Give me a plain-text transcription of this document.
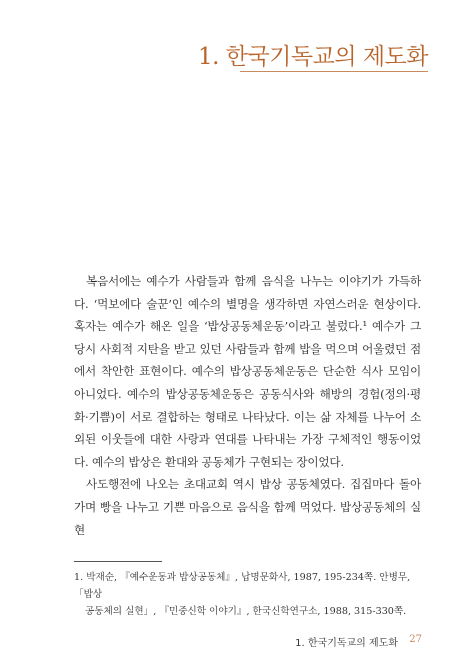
1. 한국기독교의 제도화

복음서에는 예수가 사람들과 함께 음식을 나누는 이야기가 가득하다. ‘먹보에다 술꾼’인 예수의 별명을 생각하면 자연스러운 현상이다. 혹자는 예수가 해온 일을 ‘밥상공동체운동’이라고 불렀다.¹ 예수가 그 당시 사회적 지탄을 받고 있던 사람들과 함께 밥을 먹으며 어울렸던 점에서 착안한 표현이다. 예수의 밥상공동체운동은 단순한 식사 모임이 아니었다. 예수의 밥상공동체운동은 공동식사와 해방의 경험(정의·평화·기쁨)이 서로 결합하는 형태로 나타났다. 이는 삶 자체를 나누어 소외된 이웃들에 대한 사랑과 연대를 나타내는 가장 구체적인 행동이었다. 예수의 밥상은 환대와 공동체가 구현되는 장이었다.

사도행전에 나오는 초대교회 역시 밥상 공동체였다. 집집마다 돌아가며 빵을 나누고 기쁜 마음으로 음식을 함께 먹었다. 밥상공동체의 실현

1. 박재순, 『예수운동과 밥상공동체』, 납명문화사, 1987, 195-234쪽. 안병무, 「밥상
공동체의 실현」, 『민중신학 이야기』, 한국신학연구소, 1988, 315-330쪽.
1. 한국기독교의 제도화 27
